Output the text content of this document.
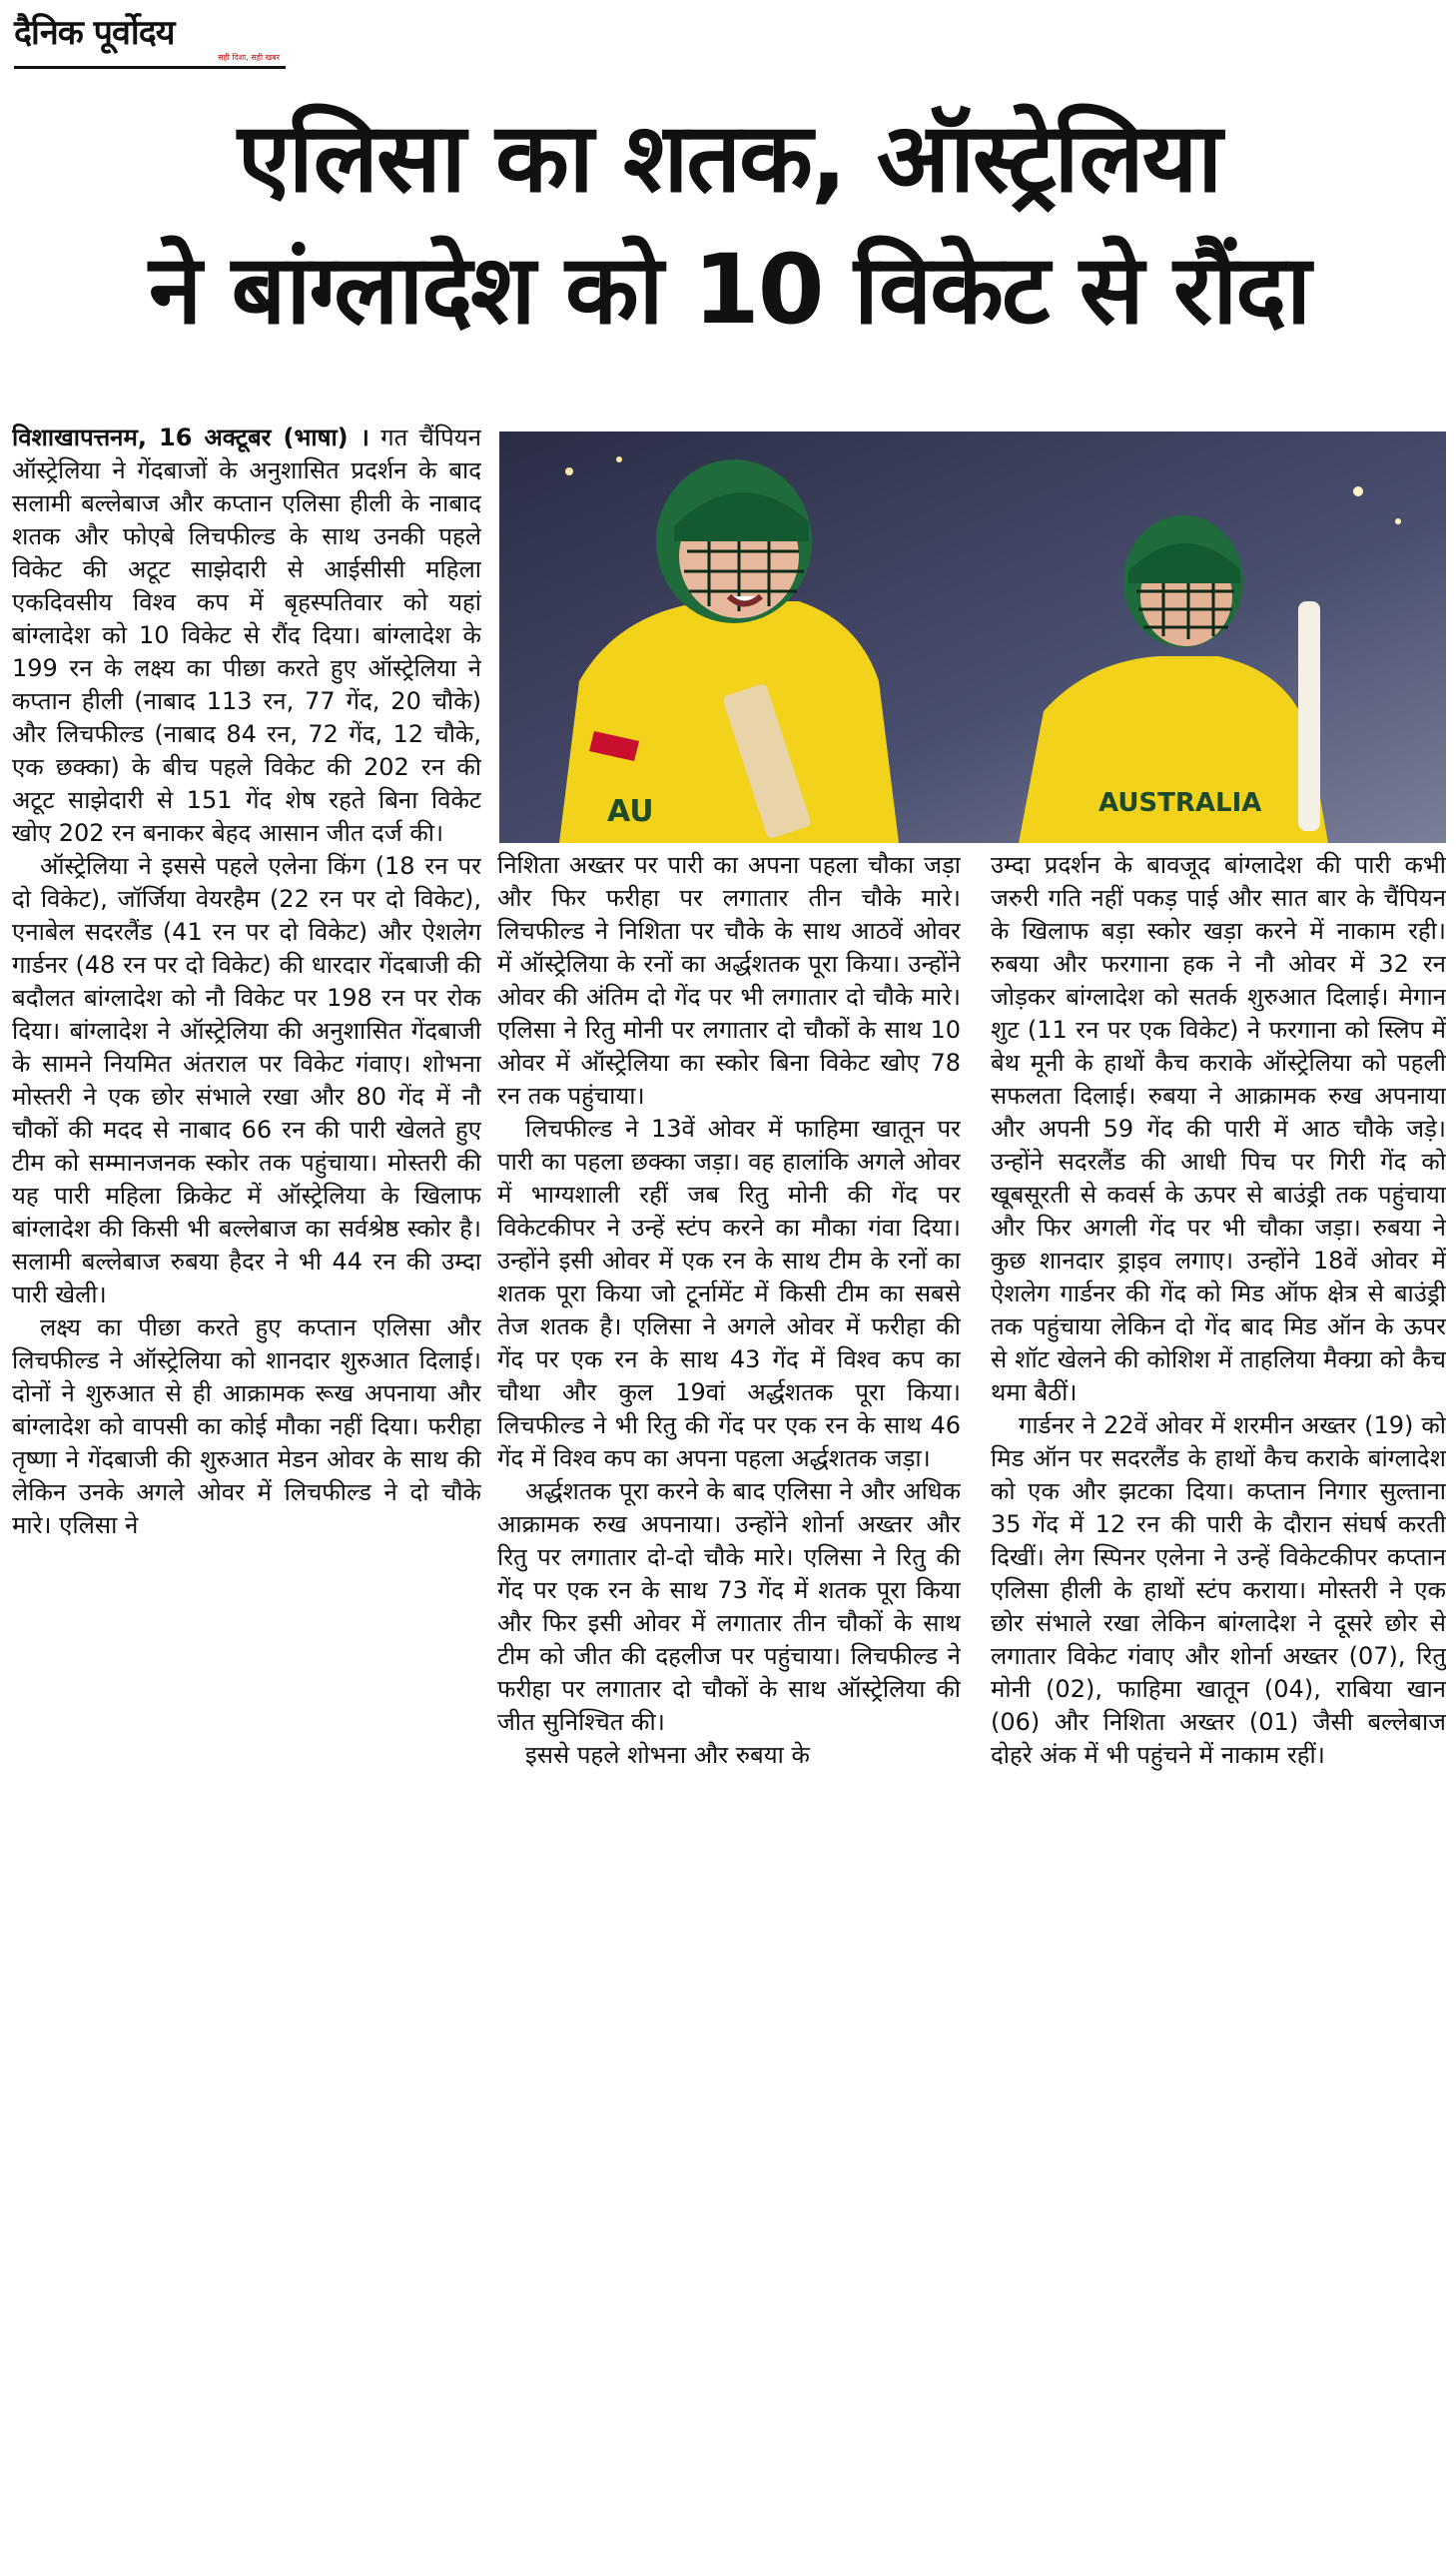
दैनिक पूर्वोदय
सही दिशा, सही खबर
एलिसा का शतक, ऑस्ट्रेलिया
ने बांग्लादेश को 10 विकेट से रौंदा

विशाखापत्तनम, 16 अक्टूबर (भाषा) । गत चैंपियन ऑस्ट्रेलिया ने गेंदबाजों के अनुशासित प्रदर्शन के बाद सलामी बल्लेबाज और कप्तान एलिसा हीली के नाबाद शतक और फोएबे लिचफील्ड के साथ उनकी पहले विकेट की अटूट साझेदारी से आईसीसी महिला एकदिवसीय विश्व कप में बृहस्पतिवार को यहां बांग्लादेश को 10 विकेट से रौंद दिया। बांग्लादेश के 199 रन के लक्ष्य का पीछा करते हुए ऑस्ट्रेलिया ने कप्तान हीली (नाबाद 113 रन, 77 गेंद, 20 चौके) और लिचफील्ड (नाबाद 84 रन, 72 गेंद, 12 चौके, एक छक्का) के बीच पहले विकेट की 202 रन की अटूट साझेदारी से 151 गेंद शेष रहते बिना विकेट खोए 202 रन बनाकर बेहद आसान जीत दर्ज की।

ऑस्ट्रेलिया ने इससे पहले एलेना किंग (18 रन पर दो विकेट), जॉर्जिया वेयरहैम (22 रन पर दो विकेट), एनाबेल सदरलैंड (41 रन पर दो विकेट) और ऐशलेग गार्डनर (48 रन पर दो विकेट) की धारदार गेंदबाजी की बदौलत बांग्लादेश को नौ विकेट पर 198 रन पर रोक दिया। बांग्लादेश ने ऑस्ट्रेलिया की अनुशासित गेंदबाजी के सामने नियमित अंतराल पर विकेट गंवाए। शोभना मोस्तरी ने एक छोर संभाले रखा और 80 गेंद में नौ चौकों की मदद से नाबाद 66 रन की पारी खेलते हुए टीम को सम्मानजनक स्कोर तक पहुंचाया। मोस्तरी की यह पारी महिला क्रिकेट में ऑस्ट्रेलिया के खिलाफ बांग्लादेश की किसी भी बल्लेबाज का सर्वश्रेष्ठ स्कोर है। सलामी बल्लेबाज रुबया हैदर ने भी 44 रन की उम्दा पारी खेली।

लक्ष्य का पीछा करते हुए कप्तान एलिसा और लिचफील्ड ने ऑस्ट्रेलिया को शानदार शुरुआत दिलाई। दोनों ने शुरुआत से ही आक्रामक रूख अपनाया और बांग्लादेश को वापसी का कोई मौका नहीं दिया। फरीहा तृष्णा ने गेंदबाजी की शुरुआत मेडन ओवर के साथ की लेकिन उनके अगले ओवर में लिचफील्ड ने दो चौके मारे। एलिसा ने

AU	AUSTRALIA

निशिता अख्तर पर पारी का अपना पहला चौका जड़ा और फिर फरीहा पर लगातार तीन चौके मारे। लिचफील्ड ने निशिता पर चौके के साथ आठवें ओवर में ऑस्ट्रेलिया के रनों का अर्द्धशतक पूरा किया। उन्होंने ओवर की अंतिम दो गेंद पर भी लगातार दो चौके मारे। एलिसा ने रितु मोनी पर लगातार दो चौकों के साथ 10 ओवर में ऑस्ट्रेलिया का स्कोर बिना विकेट खोए 78 रन तक पहुंचाया।

लिचफील्ड ने 13वें ओवर में फाहिमा खातून पर पारी का पहला छक्का जड़ा। वह हालांकि अगले ओवर में भाग्यशाली रहीं जब रितु मोनी की गेंद पर विकेटकीपर ने उन्हें स्टंप करने का मौका गंवा दिया। उन्होंने इसी ओवर में एक रन के साथ टीम के रनों का शतक पूरा किया जो टूर्नामेंट में किसी टीम का सबसे तेज शतक है। एलिसा ने अगले ओवर में फरीहा की गेंद पर एक रन के साथ 43 गेंद में विश्व कप का चौथा और कुल 19वां अर्द्धशतक पूरा किया। लिचफील्ड ने भी रितु की गेंद पर एक रन के साथ 46 गेंद में विश्व कप का अपना पहला अर्द्धशतक जड़ा।

अर्द्धशतक पूरा करने के बाद एलिसा ने और अधिक आक्रामक रुख अपनाया। उन्होंने शोर्ना अख्तर और रितु पर लगातार दो-दो चौके मारे। एलिसा ने रितु की गेंद पर एक रन के साथ 73 गेंद में शतक पूरा किया और फिर इसी ओवर में लगातार तीन चौकों के साथ टीम को जीत की दहलीज पर पहुंचाया। लिचफील्ड ने फरीहा पर लगातार दो चौकों के साथ ऑस्ट्रेलिया की जीत सुनिश्चित की।

इससे पहले शोभना और रुबया के

उम्दा प्रदर्शन के बावजूद बांग्लादेश की पारी कभी जरुरी गति नहीं पकड़ पाई और सात बार के चैंपियन के खिलाफ बड़ा स्कोर खड़ा करने में नाकाम रही। रुबया और फरगाना हक ने नौ ओवर में 32 रन जोड़कर बांग्लादेश को सतर्क शुरुआत दिलाई। मेगान शुट (11 रन पर एक विकेट) ने फरगाना को स्लिप में बेथ मूनी के हाथों कैच कराके ऑस्ट्रेलिया को पहली सफलता दिलाई। रुबया ने आक्रामक रुख अपनाया और अपनी 59 गेंद की पारी में आठ चौके जड़े। उन्होंने सदरलैंड की आधी पिच पर गिरी गेंद को खूबसूरती से कवर्स के ऊपर से बाउंड्री तक पहुंचाया और फिर अगली गेंद पर भी चौका जड़ा। रुबया ने कुछ शानदार ड्राइव लगाए। उन्होंने 18वें ओवर में ऐशलेग गार्डनर की गेंद को मिड ऑफ क्षेत्र से बाउंड्री तक पहुंचाया लेकिन दो गेंद बाद मिड ऑन के ऊपर से शॉट खेलने की कोशिश में ताहलिया मैक्ग्रा को कैच थमा बैठीं।

गार्डनर ने 22वें ओवर में शरमीन अख्तर (19) को मिड ऑन पर सदरलैंड के हाथों कैच कराके बांग्लादेश को एक और झटका दिया। कप्तान निगार सुल्ताना 35 गेंद में 12 रन की पारी के दौरान संघर्ष करती दिखीं। लेग स्पिनर एलेना ने उन्हें विकेटकीपर कप्तान एलिसा हीली के हाथों स्टंप कराया। मोस्तरी ने एक छोर संभाले रखा लेकिन बांग्लादेश ने दूसरे छोर से लगातार विकेट गंवाए और शोर्ना अख्तर (07), रितु मोनी (02), फाहिमा खातून (04), राबिया खान (06) और निशिता अख्तर (01) जैसी बल्लेबाज दोहरे अंक में भी पहुंचने में नाकाम रहीं।
